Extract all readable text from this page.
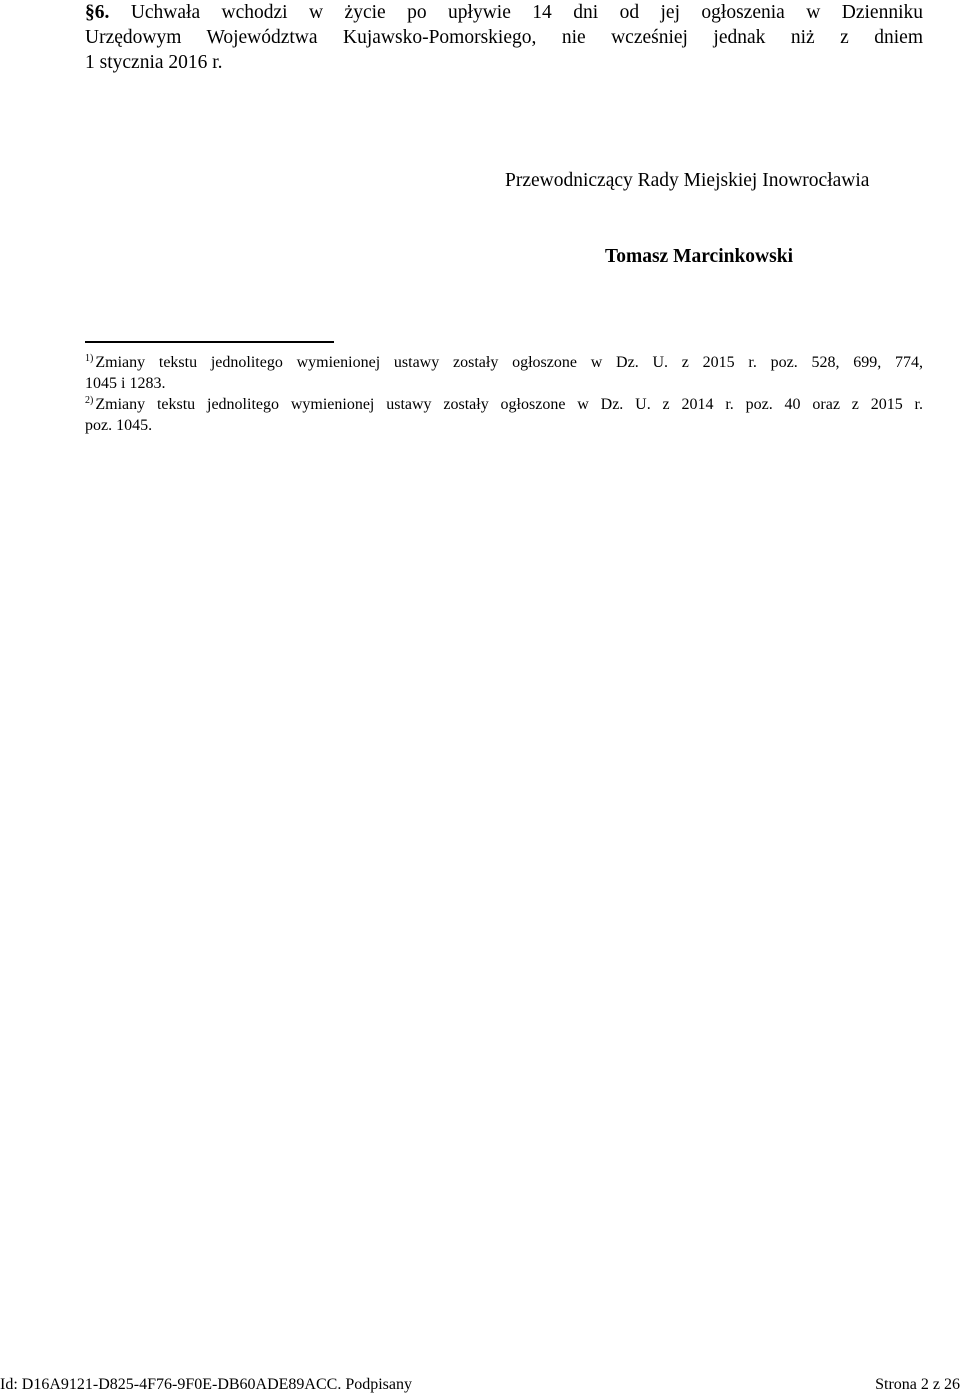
§6. Uchwała wchodzi w życie po upływie 14 dni od jej ogłoszenia w Dzienniku
Urzędowym Województwa Kujawsko-Pomorskiego, nie wcześniej jednak niż z dniem
1 stycznia 2016 r.
Przewodniczący Rady Miejskiej Inowrocławia
Tomasz Marcinkowski
$^{1)}$ Zmiany tekstu jednolitego wymienionej ustawy zostały ogłoszone w Dz. U. z 2015 r. poz. 528, 699, 774,
1045 i 1283.
$^{2)}$ Zmiany tekstu jednolitego wymienionej ustawy zostały ogłoszone w Dz. U. z 2014 r. poz. 40 oraz z 2015 r.
poz. 1045.
Id: D16A9121-D825-4F76-9F0E-DB60ADE89ACC. Podpisany	Strona 2 z 26
